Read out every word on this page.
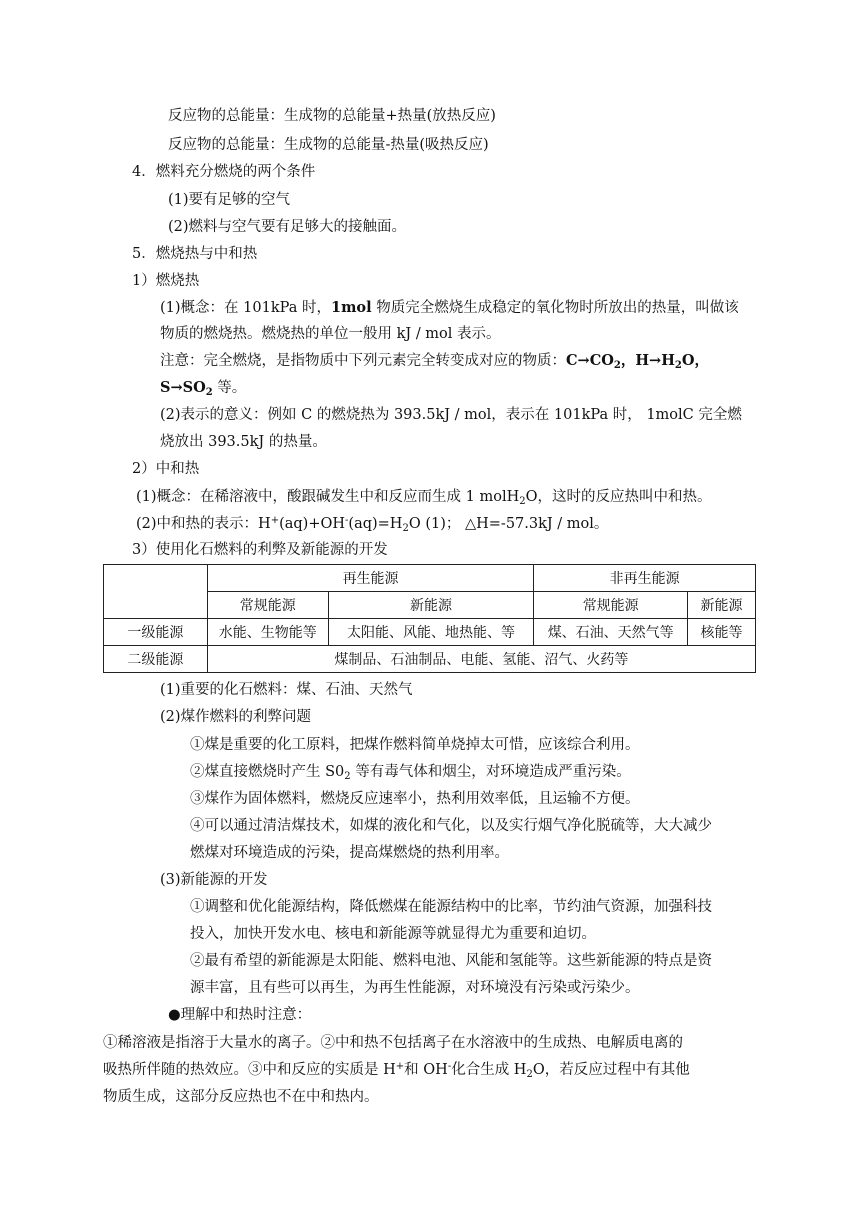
反应物的总能量：生成物的总能量+热量(放热反应)
反应物的总能量：生成物的总能量-热量(吸热反应)
4．燃料充分燃烧的两个条件
(1)要有足够的空气
(2)燃料与空气要有足够大的接触面。
5．燃烧热与中和热
1）燃烧热
(1)概念：在 101kPa 时，1mol 物质完全燃烧生成稳定的氧化物时所放出的热量，叫做该
物质的燃烧热。燃烧热的单位一般用 kJ / mol 表示。
注意：完全燃烧，是指物质中下列元素完全转变成对应的物质：$C\to CO_2$，$H\to H_2O$，
$S\to SO_2$ 等。
(2)表示的意义：例如 C 的燃烧热为 393.5kJ / mol，表示在 101kPa 时， 1molC 完全燃
烧放出 393.5kJ 的热量。
2）中和热
(1)概念：在稀溶液中，酸跟碱发生中和反应而生成 1 molH$_2$O，这时的反应热叫中和热。
(2)中和热的表示：$H^+(aq)+OH^-(aq)=H_2O$ (1)； △H=-57.3kJ / mol。
3）使用化石燃料的利弊及新能源的开发
	再生能源		非再生能源	
	常规能源	新能源	常规能源	新能源
一级能源	水能、生物能等	太阳能、风能、地热能、等	煤、石油、天然气等	核能等
二级能源	煤制品、石油制品、电能、氢能、沼气、火药等			
(1)重要的化石燃料：煤、石油、天然气
(2)煤作燃料的利弊问题
①煤是重要的化工原料，把煤作燃料简单烧掉太可惜，应该综合利用。
②煤直接燃烧时产生 $S0_2$ 等有毒气体和烟尘，对环境造成严重污染。
③煤作为固体燃料，燃烧反应速率小，热利用效率低，且运输不方便。
④可以通过清洁煤技术，如煤的液化和气化，以及实行烟气净化脱硫等，大大减少
燃煤对环境造成的污染，提高煤燃烧的热利用率。
(3)新能源的开发
①调整和优化能源结构，降低燃煤在能源结构中的比率，节约油气资源，加强科技
投入，加快开发水电、核电和新能源等就显得尤为重要和迫切。
②最有希望的新能源是太阳能、燃料电池、风能和氢能等。这些新能源的特点是资
源丰富，且有些可以再生，为再生性能源，对环境没有污染或污染少。
●理解中和热时注意：
①稀溶液是指溶于大量水的离子。②中和热不包括离子在水溶液中的生成热、电解质电离的
吸热所伴随的热效应。③中和反应的实质是 H+和 OH-化合生成 $H_2O$，若反应过程中有其他
物质生成，这部分反应热也不在中和热内。
